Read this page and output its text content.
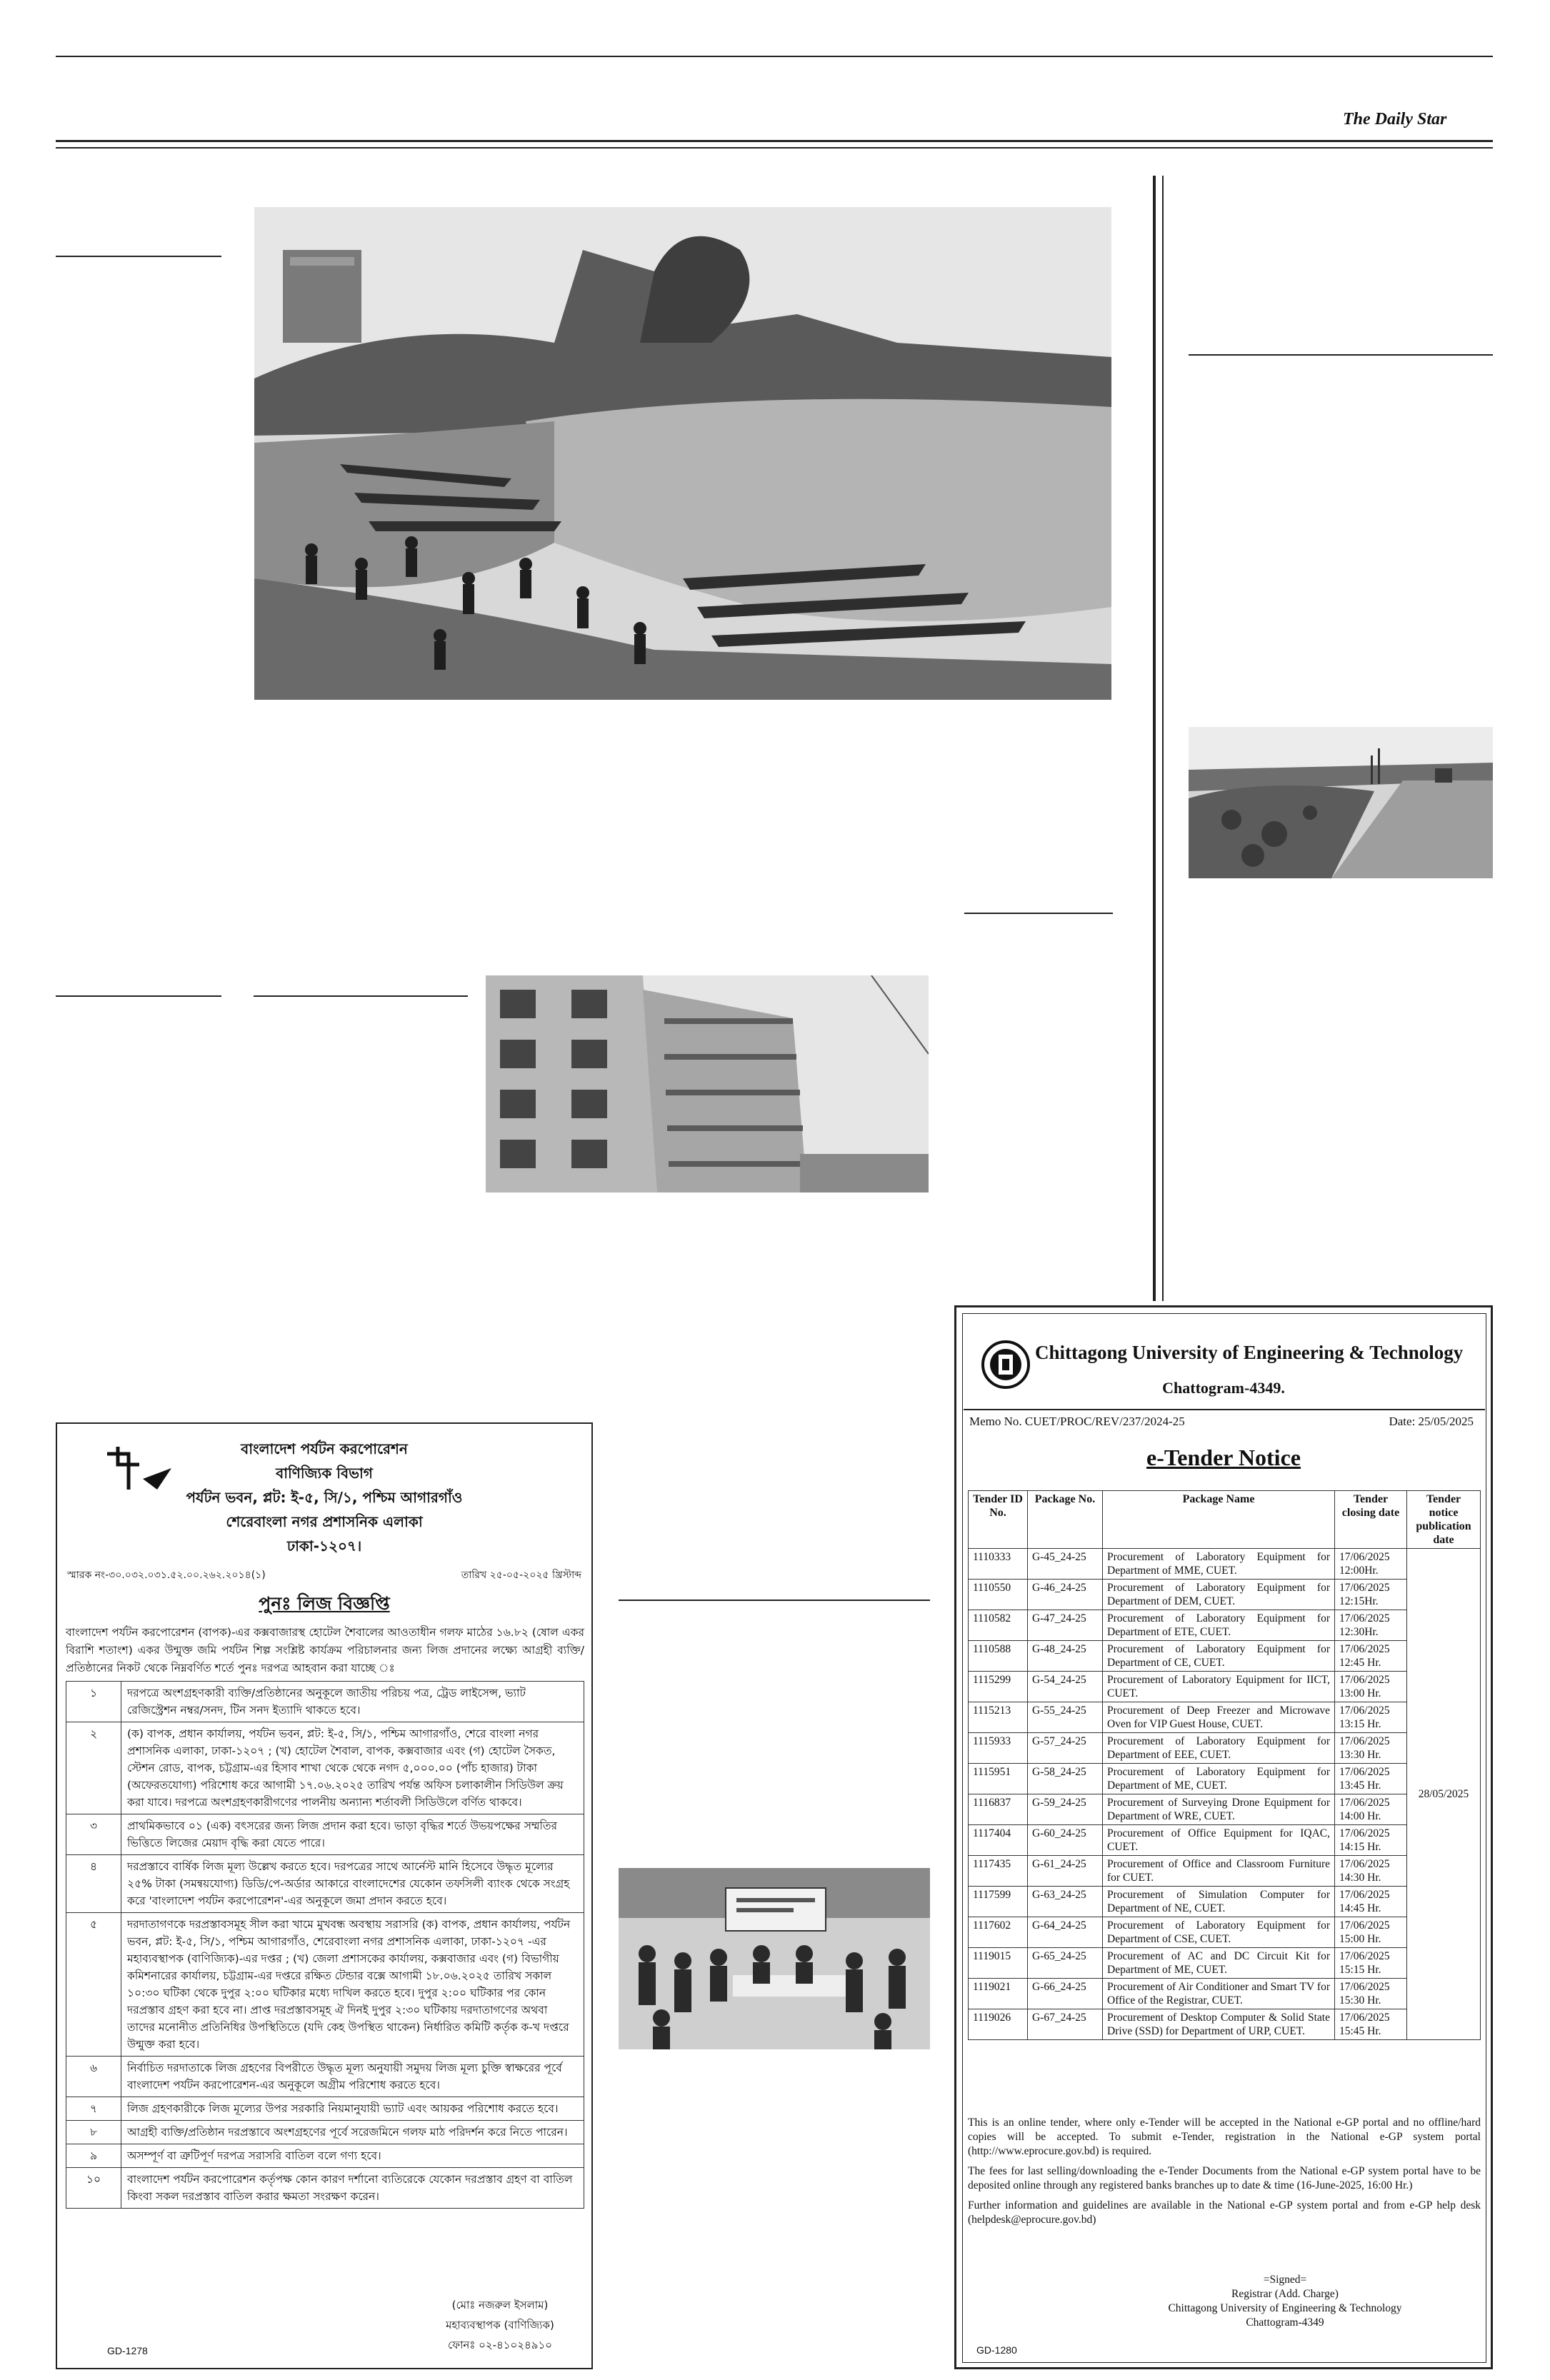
The Daily Star
বাংলাদেশ পর্যটন করপোরেশন
বাণিজ্যিক বিভাগ
পর্যটন ভবন, প্লট: ই-৫, সি/১, পশ্চিম আগারগাঁও
শেরেবাংলা নগর প্রশাসনিক এলাকা
ঢাকা-১২০৭।
স্মারক নং-৩০.০৩২.০৩১.৫২.০০.২৬২.২০১৪(১)	তারিখ ২৫-০৫-২০২৫ খ্রিস্টাব্দ
পুনঃ লিজ বিজ্ঞপ্তি
বাংলাদেশ পর্যটন করপোরেশন (বাপক)-এর কক্সবাজারস্থ হোটেল শৈবালের আওতাধীন গলফ মাঠের ১৬.৮২ (ষোল একর বিরাশি শতাংশ) একর উন্মুক্ত জমি পর্যটন শিল্প সংশ্লিষ্ট কার্যক্রম পরিচালনার জন্য লিজ প্রদানের লক্ষ্যে আগ্রহী ব্যক্তি/প্রতিষ্ঠানের নিকট থেকে নিম্নবর্ণিত শর্তে পুনঃ দরপত্র আহবান করা যাচ্ছে ঃ
১	দরপত্রে অংশগ্রহণকারী ব্যক্তি/প্রতিষ্ঠানের অনুকূলে জাতীয় পরিচয় পত্র, ট্রেড লাইসেন্স, ভ্যাট রেজিস্ট্রেশন নম্বর/সনদ, টিন সনদ ইত্যাদি থাকতে হবে।
২	(ক) বাপক, প্রধান কার্যালয়, পর্যটন ভবন, প্লট: ই-৫, সি/১, পশ্চিম আগারগাঁও, শেরে বাংলা নগর প্রশাসনিক এলাকা, ঢাকা-১২০৭ ; (খ) হোটেল শৈবাল, বাপক, কক্সবাজার এবং (গ) হোটেল সৈকত, স্টেশন রোড, বাপক, চট্টগ্রাম-এর হিসাব শাখা থেকে থেকে নগদ ৫,০০০.০০ (পাঁচ হাজার) টাকা (অফেরতযোগ্য) পরিশোধ করে আগামী ১৭.০৬.২০২৫ তারিখ পর্যন্ত অফিস চলাকালীন সিডিউল ক্রয় করা যাবে। দরপত্রে অংশগ্রহণকারীগণের পালনীয় অন্যান্য শর্তাবলী সিডিউলে বর্ণিত থাকবে।
৩	প্রাথমিকভাবে ০১ (এক) বৎসরের জন্য লিজ প্রদান করা হবে। ভাড়া বৃদ্ধির শর্তে উভয়পক্ষের সম্মতির ভিত্তিতে লিজের মেয়াদ বৃদ্ধি করা যেতে পারে।
৪	দরপ্রস্তাবে বার্ষিক লিজ মূল্য উল্লেখ করতে হবে। দরপত্রের সাথে আর্নেস্ট মানি হিসেবে উদ্ধৃত মূল্যের ২৫% টাকা (সমন্বয়যোগ্য) ডিডি/পে-অর্ডার আকারে বাংলাদেশের যেকোন তফসিলী ব্যাংক থেকে সংগ্রহ করে 'বাংলাদেশ পর্যটন করপোরেশন'-এর অনুকূলে জমা প্রদান করতে হবে।
৫	দরদাতাগণকে দরপ্রস্তাবসমূহ সীল করা খামে মুখবন্ধ অবস্থায় সরাসরি (ক) বাপক, প্রধান কার্যালয়, পর্যটন ভবন, প্লট: ই-৫, সি/১, পশ্চিম আগারগাঁও, শেরেবাংলা নগর প্রশাসনিক এলাকা, ঢাকা-১২০৭ -এর মহাব্যবস্থাপক (বাণিজ্যিক)-এর দপ্তর ; (খ) জেলা প্রশাসকের কার্যালয়, কক্সবাজার এবং (গ) বিভাগীয় কমিশনারের কার্যালয়, চট্টগ্রাম-এর দপ্তরে রক্ষিত টেন্ডার বক্সে আগামী ১৮.০৬.২০২৫ তারিখ সকাল ১০:৩০ ঘটিকা থেকে দুপুর ২:০০ ঘটিকার মধ্যে দাখিল করতে হবে। দুপুর ২:০০ ঘটিকার পর কোন দরপ্রস্তাব গ্রহণ করা হবে না। প্রাপ্ত দরপ্রস্তাবসমূহ ঐ দিনই দুপুর ২:৩০ ঘটিকায় দরদাতাগণের অথবা তাদের মনোনীত প্রতিনিধির উপস্থিতিতে (যদি কেহ উপস্থিত থাকেন) নির্ধারিত কমিটি কর্তৃক ক-খ দপ্তরে উন্মুক্ত করা হবে।
৬	নির্বাচিত দরদাতাকে লিজ গ্রহণের বিপরীতে উদ্ধৃত মূল্য অনুযায়ী সমুদয় লিজ মূল্য চুক্তি স্বাক্ষরের পূর্বে বাংলাদেশ পর্যটন করপোরেশন-এর অনুকূলে অগ্রীম পরিশোধ করতে হবে।
৭	লিজ গ্রহণকারীকে লিজ মূল্যের উপর সরকারি নিয়মানুযায়ী ভ্যাট এবং আয়কর পরিশোধ করতে হবে।
৮	আগ্রহী ব্যক্তি/প্রতিষ্ঠান দরপ্রস্তাবে অংশগ্রহণের পূর্বে সরেজমিনে গলফ মাঠ পরিদর্শন করে নিতে পারেন।
৯	অসম্পূর্ণ বা ত্রুটিপূর্ণ দরপত্র সরাসরি বাতিল বলে গণ্য হবে।
১০	বাংলাদেশ পর্যটন করপোরেশন কর্তৃপক্ষ কোন কারণ দর্শানো ব্যতিরেকে যেকোন দরপ্রস্তাব গ্রহণ বা বাতিল কিংবা সকল দরপ্রস্তাব বাতিল করার ক্ষমতা সংরক্ষণ করেন।
(মোঃ নজরুল ইসলাম)
মহাব্যবস্থাপক (বাণিজ্যিক)
ফোনঃ ০২-৪১০২৪৯১০
GD-1278
Chittagong University of Engineering & Technology
Chattogram-4349.
Memo No. CUET/PROC/REV/237/2024-25	Date: 25/05/2025
e-Tender Notice
Tender ID No.	Package No.	Package Name	Tender closing date	Tender notice publication date
1110333	G-45_24-25	Procurement of Laboratory Equipment for Department of MME, CUET.	17/06/2025
12:00Hr.	28/05/2025
1110550	G-46_24-25	Procurement of Laboratory Equipment for Department of DEM, CUET.	17/06/2025
12:15Hr.	

1110582	G-47_24-25	Procurement of Laboratory Equipment for Department of ETE, CUET.	17/06/2025
12:30Hr.	

1110588	G-48_24-25	Procurement of Laboratory Equipment for Department of CE, CUET.	17/06/2025
12:45 Hr.	

1115299	G-54_24-25	Procurement of Laboratory Equipment for IICT, CUET.	17/06/2025
13:00 Hr.	

1115213	G-55_24-25	Procurement of Deep Freezer and Microwave Oven for VIP Guest House, CUET.	17/06/2025
13:15 Hr.	

1115933	G-57_24-25	Procurement of Laboratory Equipment for Department of EEE, CUET.	17/06/2025
13:30 Hr.	

1115951	G-58_24-25	Procurement of Laboratory Equipment for Department of ME, CUET.	17/06/2025
13:45 Hr.	

1116837	G-59_24-25	Procurement of Surveying Drone Equipment for Department of WRE, CUET.	17/06/2025
14:00 Hr.	

1117404	G-60_24-25	Procurement of Office Equipment for IQAC, CUET.	17/06/2025
14:15 Hr.	

1117435	G-61_24-25	Procurement of Office and Classroom Furniture for CUET.	17/06/2025
14:30 Hr.	

1117599	G-63_24-25	Procurement of Simulation Computer for Department of NE, CUET.	17/06/2025
14:45 Hr.	

1117602	G-64_24-25	Procurement of Laboratory Equipment for Department of CSE, CUET.	17/06/2025
15:00 Hr.	

1119015	G-65_24-25	Procurement of AC and DC Circuit Kit for Department of ME, CUET.	17/06/2025
15:15 Hr.	

1119021	G-66_24-25	Procurement of Air Conditioner and Smart TV for Office of the Registrar, CUET.	17/06/2025
15:30 Hr.	

1119026	G-67_24-25	Procurement of Desktop Computer & Solid State Drive (SSD) for Department of URP, CUET.	17/06/2025
15:45 Hr.	

This is an online tender, where only e-Tender will be accepted in the National e-GP portal and no offline/hard copies will be accepted. To submit e-Tender, registration in the National e-GP system portal (http://www.eprocure.gov.bd) is required.

The fees for last selling/downloading the e-Tender Documents from the National e-GP system portal have to be deposited online through any registered banks branches up to date & time (16-June-2025, 16:00 Hr.)

Further information and guidelines are available in the National e-GP system portal and from e-GP help desk (helpdesk@eprocure.gov.bd)

=Signed=
Registrar (Add. Charge)
Chittagong University of Engineering & Technology
Chattogram-4349
GD-1280
